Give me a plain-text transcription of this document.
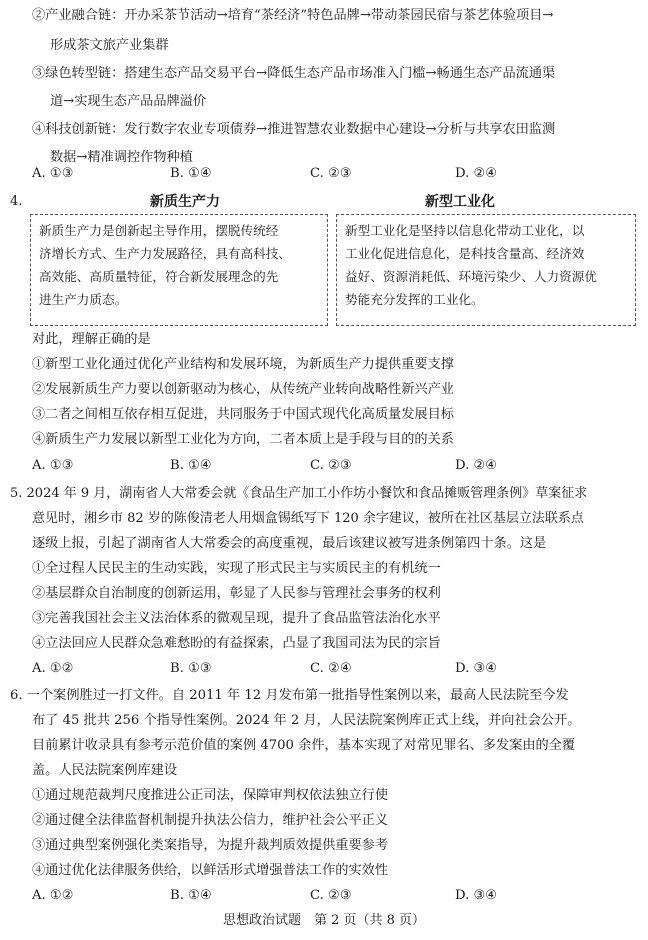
②产业融合链：开办采茶节活动→培育“茶经济”特色品牌→带动茶园民宿与茶艺体验项目→
形成茶文旅产业集群
③绿色转型链：搭建生态产品交易平台→降低生态产品市场准入门槛→畅通生态产品流通渠
道→实现生态产品品牌溢价
④科技创新链：发行数字农业专项债券→推进智慧农业数据中心建设→分析与共享农田监测
数据→精准调控作物种植
A. ①③	B. ①④	C. ②③	D. ②④
4.	新质生产力	新型工业化
新质生产力是创新起主导作用，摆脱传统经
济增长方式、生产力发展路径，具有高科技、
高效能、高质量特征，符合新发展理念的先
进生产力质态。
新型工业化是坚持以信息化带动工业化，以
工业化促进信息化，是科技含量高、经济效
益好、资源消耗低、环境污染少、人力资源优
势能充分发挥的工业化。
对此，理解正确的是
①新型工业化通过优化产业结构和发展环境，为新质生产力提供重要支撑
②发展新质生产力要以创新驱动为核心，从传统产业转向战略性新兴产业
③二者之间相互依存相互促进，共同服务于中国式现代化高质量发展目标
④新质生产力发展以新型工业化为方向，二者本质上是手段与目的的关系
A. ①③	B. ①④	C. ②③	D. ②④
5. 2024 年 9 月，湖南省人大常委会就《食品生产加工小作坊小餐饮和食品摊贩管理条例》草案征求
意见时，湘乡市 82 岁的陈俊清老人用烟盒锡纸写下 120 余字建议，被所在社区基层立法联系点
逐级上报，引起了湖南省人大常委会的高度重视，最后该建议被写进条例第四十条。这是
①全过程人民民主的生动实践，实现了形式民主与实质民主的有机统一
②基层群众自治制度的创新运用，彰显了人民参与管理社会事务的权利
③完善我国社会主义法治体系的微观呈现，提升了食品监管法治化水平
④立法回应人民群众急难愁盼的有益探索，凸显了我国司法为民的宗旨
A. ①②	B. ①③	C. ②④	D. ③④
6. 一个案例胜过一打文件。自 2011 年 12 月发布第一批指导性案例以来，最高人民法院至今发
布了 45 批共 256 个指导性案例。2024 年 2 月，人民法院案例库正式上线，并向社会公开。
目前累计收录具有参考示范价值的案例 4700 余件，基本实现了对常见罪名、多发案由的全覆
盖。人民法院案例库建设
①通过规范裁判尺度推进公正司法，保障审判权依法独立行使
②通过健全法律监督机制提升执法公信力，维护社会公平正义
③通过典型案例强化类案指导，为提升裁判质效提供重要参考
④通过优化法律服务供给，以鲜活形式增强普法工作的实效性
A. ①②	B. ①④	C. ②③	D. ③④
思想政治试题　第 2 页（共 8 页）
